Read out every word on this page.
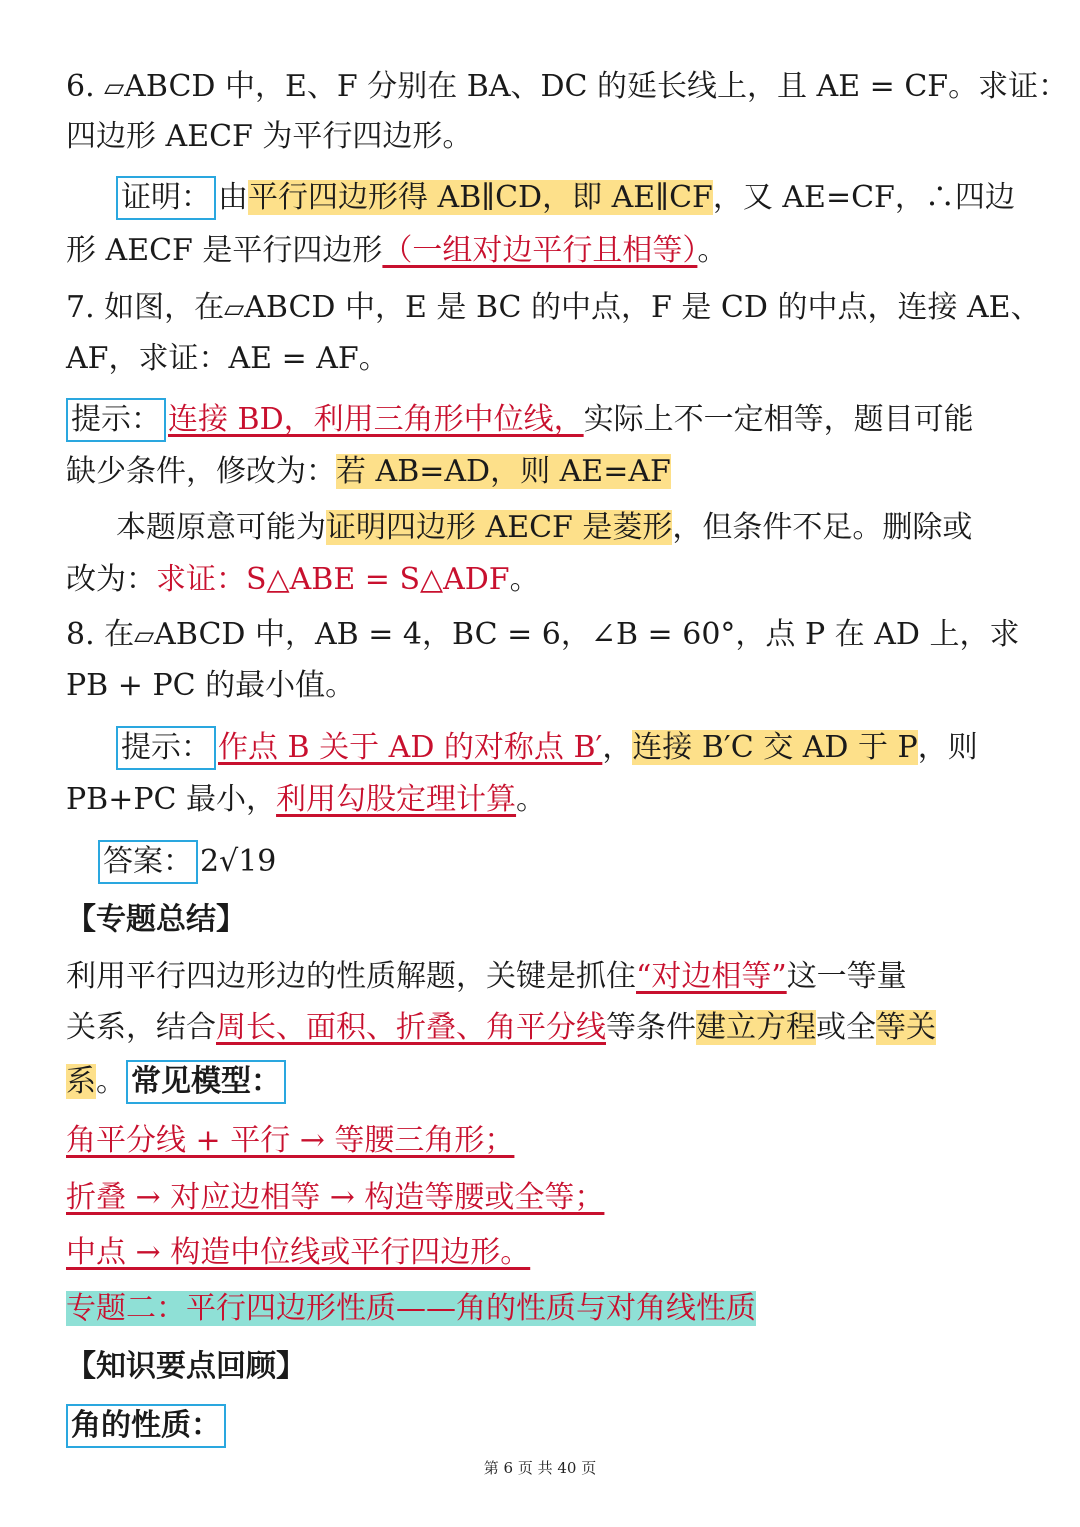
6. ▱ABCD 中，E、F 分别在 BA、DC 的延长线上，且 AE = CF。求证：
四边形 AECF 为平行四边形。
证明： 由平行四边形得 AB∥CD，即 AE∥CF，又 AE=CF，∴四边
形 AECF 是平行四边形（一组对边平行且相等）。
7. 如图，在▱ABCD 中，E 是 BC 的中点，F 是 CD 的中点，连接 AE、
AF，求证：AE = AF。
提示： 连接 BD，利用三角形中位线，实际上不一定相等，题目可能
缺少条件，修改为：若 AB=AD，则 AE=AF
本题原意可能为证明四边形 AECF 是菱形，但条件不足。删除或
改为：求证：S△ABE = S△ADF。
8. 在▱ABCD 中，AB = 4，BC = 6，∠B = 60°，点 P 在 AD 上，求
PB + PC 的最小值。
提示： 作点 B 关于 AD 的对称点 B′，连接 B′C 交 AD 于 P，则
PB+PC 最小，利用勾股定理计算。
答案： 2√19
【专题总结】
利用平行四边形边的性质解题，关键是抓住“对边相等”这一等量
关系，结合周长、面积、折叠、角平分线等条件建立方程或全等关
系。 常见模型：
角平分线 + 平行 → 等腰三角形；
折叠 → 对应边相等 → 构造等腰或全等；
中点 → 构造中位线或平行四边形。
专题二：平行四边形性质——角的性质与对角线性质
【知识要点回顾】
角的性质：
第 6 页 共 40 页
